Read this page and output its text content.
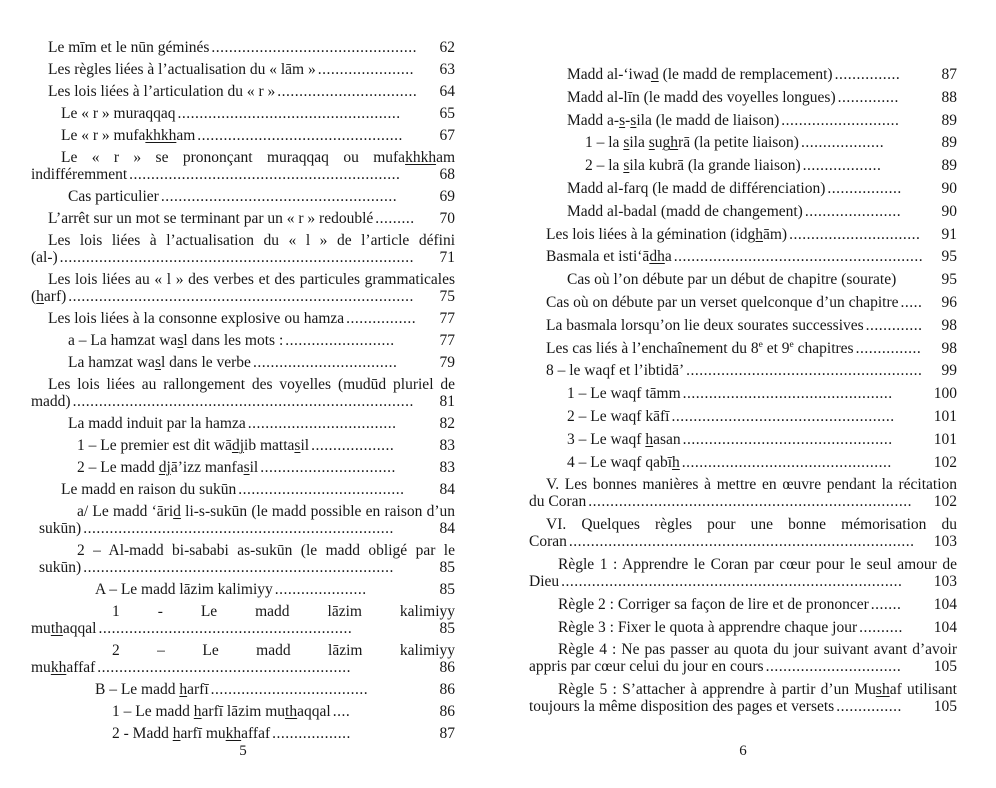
Le mīm et le nūn géminés ...............................................	62
Les règles liées à l’actualisation du « lām » ......................	63
Les lois liées à l’articulation du « r » ................................	64
Le « r » muraqqaq ...................................................	65
Le « r » mufakhkham ...............................................	67
Le « r » se prononçant muraqqaq ou mufakhkham indifféremment ..............................................................	68
Cas particulier ......................................................	69
L’arrêt sur un mot se terminant par un « r » redoublé .........	70
Les lois liées à l’actualisation du « l » de l’article défini (al-) .................................................................................	71
Les lois liées au « l » des verbes et des particules grammaticales (harf) ...............................................................................	75
Les lois liées à la consonne explosive ou hamza ................	77
a – La hamzat wasl dans les mots : .........................	77
La hamzat wasl dans le verbe .................................	79
Les lois liées au rallongement des voyelles (mudūd pluriel de madd) ..............................................................................	81
La madd induit par la hamza ..................................	82
1 – Le premier est dit wādjib mattasil ...................	83
2 – Le madd djā’izz manfasil ...............................	83
Le madd en raison du sukūn ......................................	84
a/ Le madd ‘ārid li-s-sukūn (le madd possible en raison d’un sukūn) .......................................................................	84
2 – Al-madd bi-sababi as-sukūn (le madd obligé par le sukūn) .......................................................................	85
A – Le madd lāzim kalimiyy .....................	85
1 - Le madd lāzim kalimiyy muthaqqal ..........................................................	85
2 – Le madd lāzim kalimiyy mukhaffaf ..........................................................	86
B – Le madd harfī ....................................	86
1 – Le madd harfī lāzim muthaqqal ....	86
2 - Madd harfī mukhaffaf ..................	87
5
Madd al-‘iwad (le madd de remplacement) ...............	87
Madd al-līn (le madd des voyelles longues) ..............	88
Madd a-s-sila (le madd de liaison) ...........................	89
1 – la sila sughrā (la petite liaison) ...................	89
2 – la sila kubrā (la grande liaison) ..................	89
Madd al-farq (le madd de différenciation) .................	90
Madd al-badal (madd de changement) ......................	90
Les lois liées à la gémination (idghām) ..............................	91
Basmala et isti‘ādha .........................................................	95
Cas où l’on débute par un début de chapitre (sourate)	95
Cas où on débute par un verset quelconque d’un chapitre .....	96
La basmala lorsqu’on lie deux sourates successives .............	98
Les cas liés à l’enchaînement du 8e et 9e chapitres ...............	98
8 – le waqf et l’ibtidā’ ......................................................	99
1 – Le waqf tāmm ................................................	100
2 – Le waqf kāfī ...................................................	101
3 – Le waqf hasan ................................................	101
4 – Le waqf qabīh ................................................	102
V. Les bonnes manières à mettre en œuvre pendant la récitation du Coran ..........................................................................	102
VI. Quelques règles pour une bonne mémorisation du Coran ...............................................................................	103
Règle 1 : Apprendre le Coran par cœur pour le seul amour de Dieu ..............................................................................	103
Règle 2 : Corriger sa façon de lire et de prononcer .......	104
Règle 3 : Fixer le quota à apprendre chaque jour ..........	104
Règle 4 : Ne pas passer au quota du jour suivant avant d’avoir appris par cœur celui du jour en cours ...............................	105
Règle 5 : S’attacher à apprendre à partir d’un Mushaf utilisant toujours la même disposition des pages et versets ...............	105
6
